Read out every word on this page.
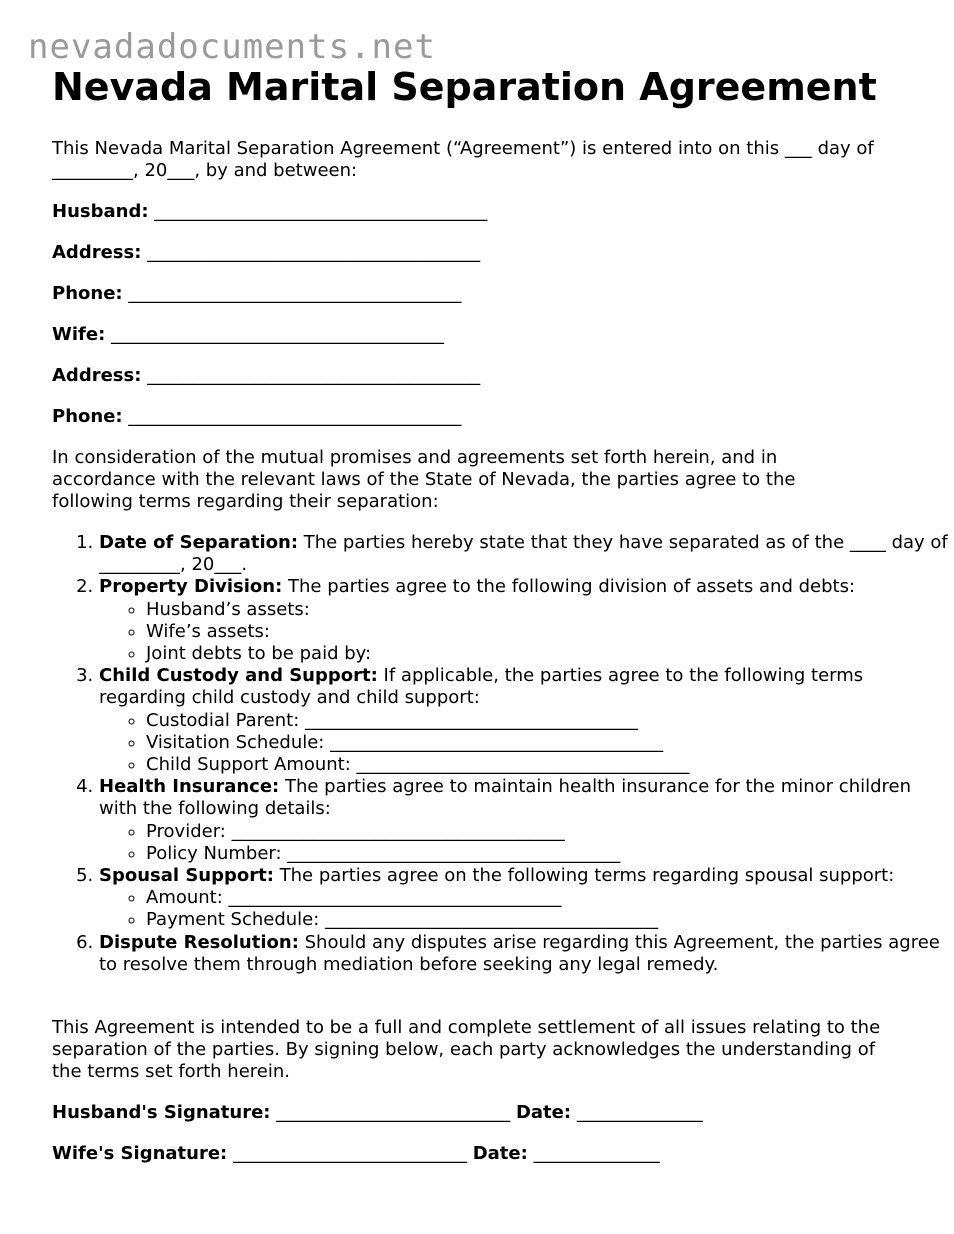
nevadadocuments.net
Nevada Marital Separation Agreement

This Nevada Marital Separation Agreement (“Agreement”) is entered into on this ___ day of _________, 20___, by and between:

Husband: _____________________________________

Address: _____________________________________

Phone: _____________________________________

Wife: _____________________________________

Address: _____________________________________

Phone: _____________________________________

In consideration of the mutual promises and agreements set forth herein, and in accordance with the relevant laws of the State of Nevada, the parties agree to the following terms regarding their separation:

1. Date of Separation: The parties hereby state that they have separated as of the ____ day of _________, 20___.
2. Property Division: The parties agree to the following division of assets and debts:
◦ Husband’s assets:
◦ Wife’s assets:
◦ Joint debts to be paid by:
3. Child Custody and Support: If applicable, the parties agree to the following terms regarding child custody and child support:
◦ Custodial Parent: _____________________________________
◦ Visitation Schedule: _____________________________________
◦ Child Support Amount: _____________________________________
4. Health Insurance: The parties agree to maintain health insurance for the minor children with the following details:
◦ Provider: _____________________________________
◦ Policy Number: _____________________________________
5. Spousal Support: The parties agree on the following terms regarding spousal support:
◦ Amount: _____________________________________
◦ Payment Schedule: _____________________________________
6. Dispute Resolution: Should any disputes arise regarding this Agreement, the parties agree to resolve them through mediation before seeking any legal remedy.

This Agreement is intended to be a full and complete settlement of all issues relating to the separation of the parties. By signing below, each party acknowledges the understanding of the terms set forth herein.

Husband's Signature: __________________________ Date: ______________

Wife's Signature: __________________________ Date: ______________
